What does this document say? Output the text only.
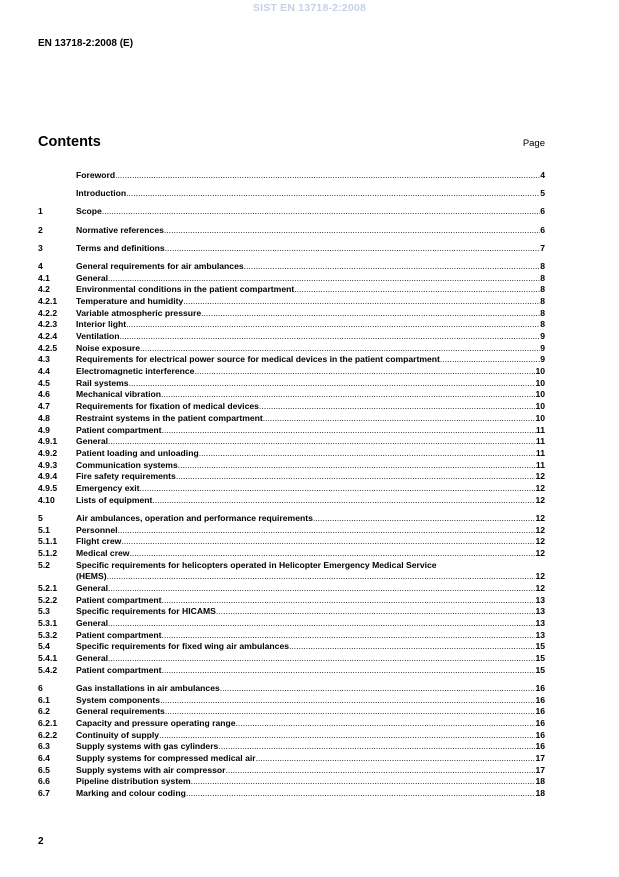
SIST EN 13718-2:2008
EN 13718-2:2008 (E)
Contents	Page
Foreword .....	4
Introduction .....	5
1	Scope .....	6
2	Normative references .....	6
3	Terms and definitions .....	7
4	General requirements for air ambulances .....	8
4.1	General .....	8
4.2	Environmental conditions in the patient compartment .....	8
4.2.1	Temperature and humidity .....	8
4.2.2	Variable atmospheric pressure .....	8
4.2.3	Interior light .....	8
4.2.4	Ventilation .....	9
4.2.5	Noise exposure .....	9
4.3	Requirements for electrical power source for medical devices in the patient compartment .....	9
4.4	Electromagnetic interference .....	10
4.5	Rail systems .....	10
4.6	Mechanical vibration .....	10
4.7	Requirements for fixation of medical devices .....	10
4.8	Restraint systems in the patient compartment .....	10
4.9	Patient compartment .....	11
4.9.1	General .....	11
4.9.2	Patient loading and unloading .....	11
4.9.3	Communication systems .....	11
4.9.4	Fire safety requirements .....	12
4.9.5	Emergency exit .....	12
4.10	Lists of equipment .....	12
5	Air ambulances, operation and performance requirements .....	12
5.1	Personnel .....	12
5.1.1	Flight crew .....	12
5.1.2	Medical crew .....	12
5.2	Specific requirements for helicopters operated in Helicopter Emergency Medical Service
(HEMS) .....	12
5.2.1	General .....	12
5.2.2	Patient compartment .....	13
5.3	Specific requirements for HICAMS .....	13
5.3.1	General .....	13
5.3.2	Patient compartment .....	13
5.4	Specific requirements for fixed wing air ambulances .....	15
5.4.1	General .....	15
5.4.2	Patient compartment .....	15
6	Gas installations in air ambulances .....	16
6.1	System components .....	16
6.2	General requirements .....	16
6.2.1	Capacity and pressure operating range .....	16
6.2.2	Continuity of supply .....	16
6.3	Supply systems with gas cylinders .....	16
6.4	Supply systems for compressed medical air .....	17
6.5	Supply systems with air compressor .....	17
6.6	Pipeline distribution system .....	18
6.7	Marking and colour coding .....	18
2
